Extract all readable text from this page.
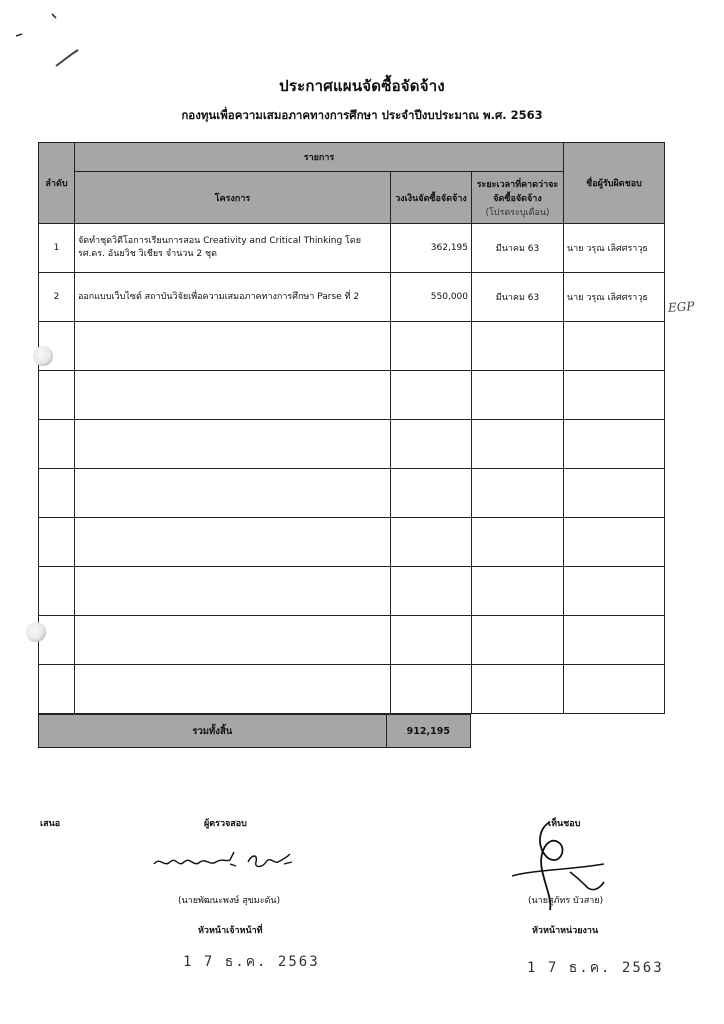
ประกาศแผนจัดซื้อจัดจ้าง
กองทุนเพื่อความเสมอภาคทางการศึกษา ประจำปีงบประมาณ พ.ศ. 2563
ลำดับ	รายการ			ชื่อผู้รับผิดชอบ
	โครงการ	วงเงินจัดซื้อจัดจ้าง	ระยะเวลาที่คาดว่าจะจัดซื้อจัดจ้าง
(โปรดระบุเดือน)	

1	จัดทำชุดวิดีโอการเรียนการสอน Creativity and Critical Thinking โดย รศ.ดร. อันยวิช วิเชียร จำนวน 2 ชุด	362,195	มีนาคม 63	นาย วรุณ เลิศศราวุธ
2	ออกแบบเว็บไซต์ สถาบันวิจัยเพื่อความเสมอภาคทางการศึกษา Parse ที่ 2	550,000	มีนาคม 63	นาย วรุณ เลิศศราวุธ

EGP
รวมทั้งสิ้น	912,195
เสนอ	ผู้ตรวจสอบ
(นายพัฒนะพงษ์ สุขมะดัน)
หัวหน้าเจ้าหน้าที่
1 7 ธ.ค. 2563
เห็นชอบ
(นายสุภัทร บัวสาย)
หัวหน้าหน่วยงาน
1 7 ธ.ค. 2563
